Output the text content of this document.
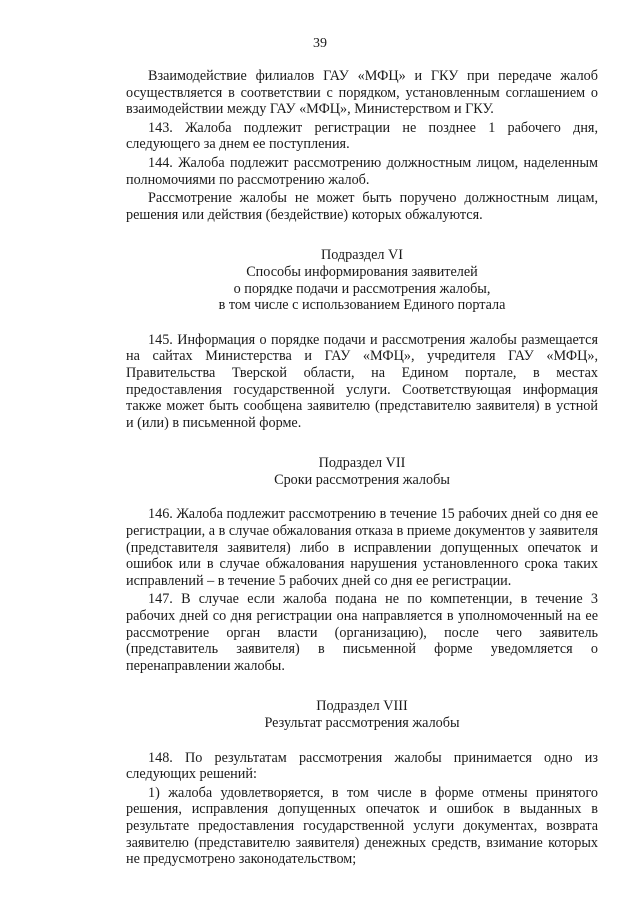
39

Взаимодействие филиалов ГАУ «МФЦ» и ГКУ при передаче жалоб осуществляется в соответствии с порядком, установленным соглашением о взаимодействии между ГАУ «МФЦ», Министерством и ГКУ.

143. Жалоба подлежит регистрации не позднее 1 рабочего дня, следующего за днем ее поступления.

144. Жалоба подлежит рассмотрению должностным лицом, наделенным полномочиями по рассмотрению жалоб.

Рассмотрение жалобы не может быть поручено должностным лицам, решения или действия (бездействие) которых обжалуются.

Подраздел VI

Способы информирования заявителей

о порядке подачи и рассмотрения жалобы,

в том числе с использованием Единого портала

145. Информация о порядке подачи и рассмотрения жалобы размещается на сайтах Министерства и ГАУ «МФЦ», учредителя ГАУ «МФЦ», Правительства Тверской области, на Едином портале, в местах предоставления государственной услуги. Соответствующая информация также может быть сообщена заявителю (представителю заявителя) в устной и (или) в письменной форме.

Подраздел VII

Сроки рассмотрения жалобы

146. Жалоба подлежит рассмотрению в течение 15 рабочих дней со дня ее регистрации, а в случае обжалования отказа в приеме документов у заявителя (представителя заявителя) либо в исправлении допущенных опечаток и ошибок или в случае обжалования нарушения установленного срока таких исправлений – в течение 5 рабочих дней со дня ее регистрации.

147. В случае если жалоба подана не по компетенции, в течение 3 рабочих дней со дня регистрации она направляется в уполномоченный на ее рассмотрение орган власти (организацию), после чего заявитель (представитель заявителя) в письменной форме уведомляется о перенаправлении жалобы.

Подраздел VIII

Результат рассмотрения жалобы

148. По результатам рассмотрения жалобы принимается одно из следующих решений:

1) жалоба удовлетворяется, в том числе в форме отмены принятого решения, исправления допущенных опечаток и ошибок в выданных в результате предоставления государственной услуги документах, возврата заявителю (представителю заявителя) денежных средств, взимание которых не предусмотрено законодательством;
